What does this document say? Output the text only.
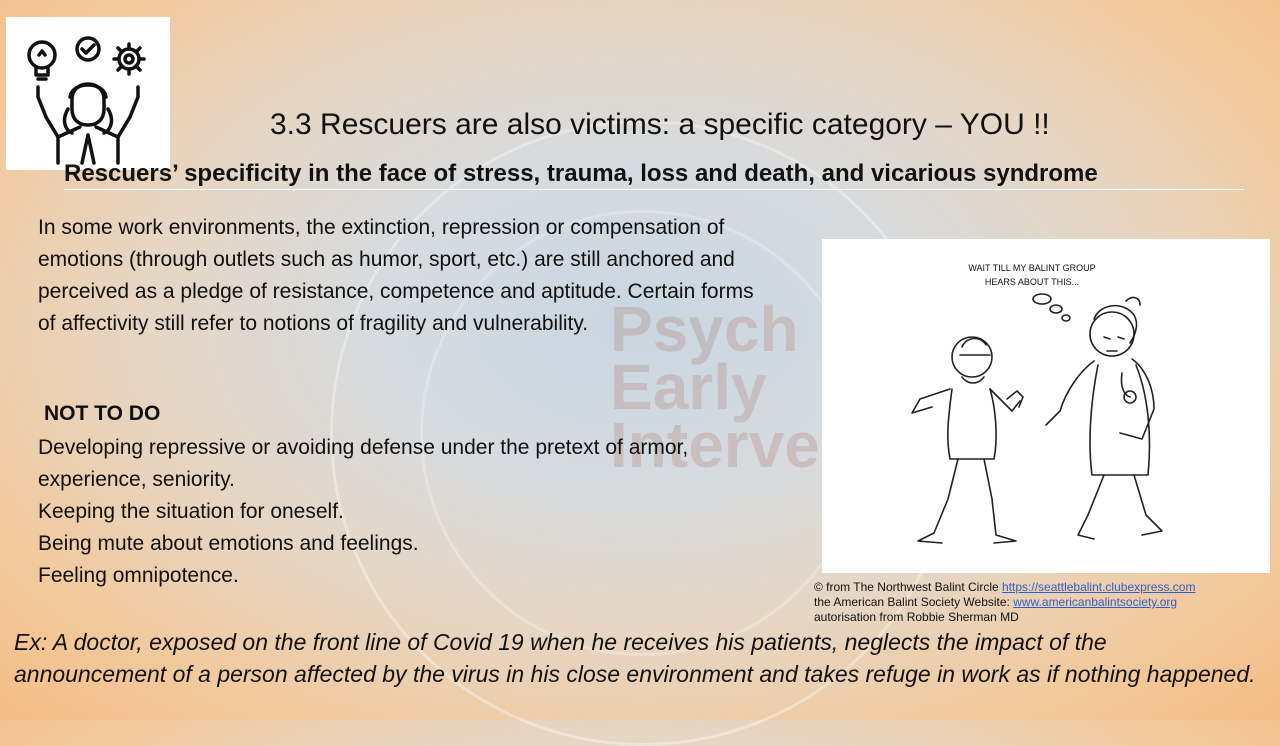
Psych
Early
Interve
3.3 Rescuers are also victims: a specific category – YOU !!
Rescuers’ specificity in the face of stress, trauma, loss and death, and vicarious syndrome
In some work environments, the extinction, repression or compensation of emotions (through outlets such as humor, sport, etc.) are still anchored and perceived as a pledge of resistance, competence and aptitude. Certain forms of affectivity still refer to notions of fragility and vulnerability.
NOT TO DO
Developing repressive or avoiding defense under the pretext of armor, experience, seniority.
Keeping the situation for oneself.
Being mute about emotions and feelings.
Feeling omnipotence.
WAIT TILL MY BALINT GROUP
HEARS ABOUT THIS...
© from The Northwest Balint Circle https://seattlebalint.clubexpress.com
the American Balint Society Website: www.americanbalintsociety.org
autorisation from Robbie Sherman MD
Ex: A doctor, exposed on the front line of Covid 19 when he receives his patients, neglects the impact of the announcement of a person affected by the virus in his close environment and takes refuge in work as if nothing happened.
